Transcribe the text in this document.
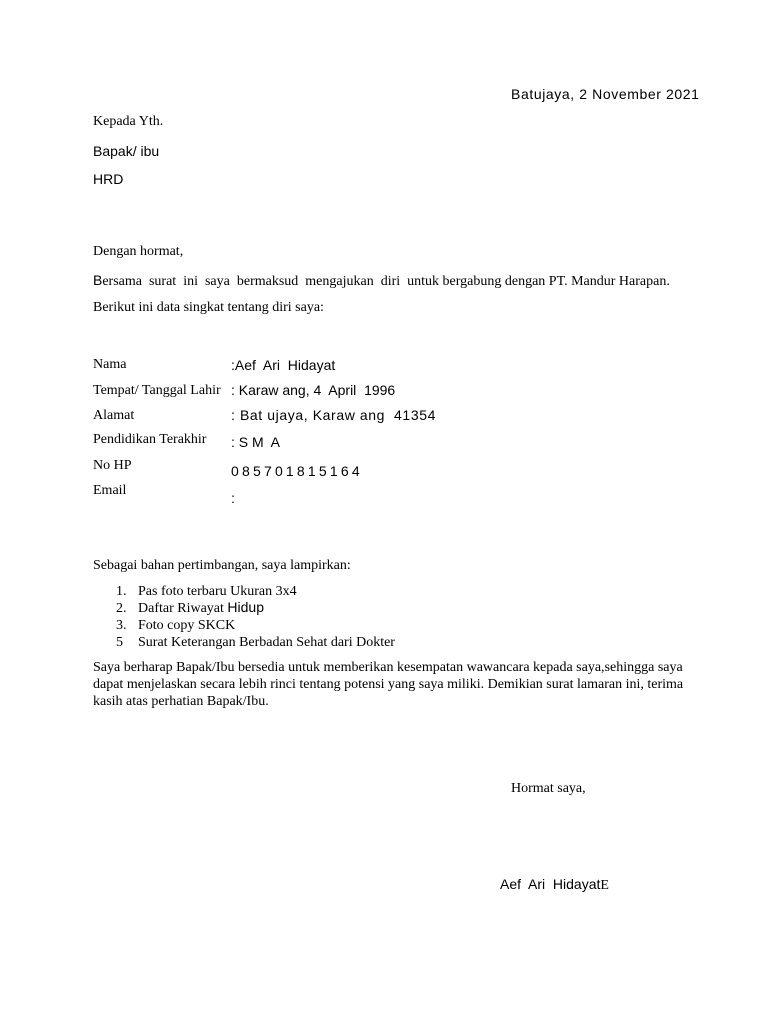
Batujaya, 2 November 2021
Kepada Yth.
Bapak/ ibu
HRD
Dengan hormat,
Bersama  surat  ini  saya  bermaksud  mengajukan  diri  untuk bergabung dengan PT. Mandur Harapan.
Berikut ini data singkat tentang diri saya:
Nama	:Aef  Ari  Hidayat
Tempat/ Tanggal Lahir : Karaw ang, 4  April  1996
Alamat	: Bat ujaya, Karaw ang  41354
Pendidikan Terakhir : S M  A
No HP	085701815164
Email	:
Sebagai bahan pertimbangan, saya lampirkan:
1. Pas foto terbaru Ukuran 3x4
2. Daftar Riwayat Hidup
3. Foto copy SKCK
5 Surat Keterangan Berbadan Sehat dari Dokter
Saya berharap Bapak/Ibu bersedia untuk memberikan kesempatan wawancara kepada saya,sehingga saya dapat menjelaskan secara lebih rinci tentang potensi yang saya miliki. Demikian surat lamaran ini, terima kasih atas perhatian Bapak/Ibu.
Hormat saya,
Aef  Ari  HidayatE
